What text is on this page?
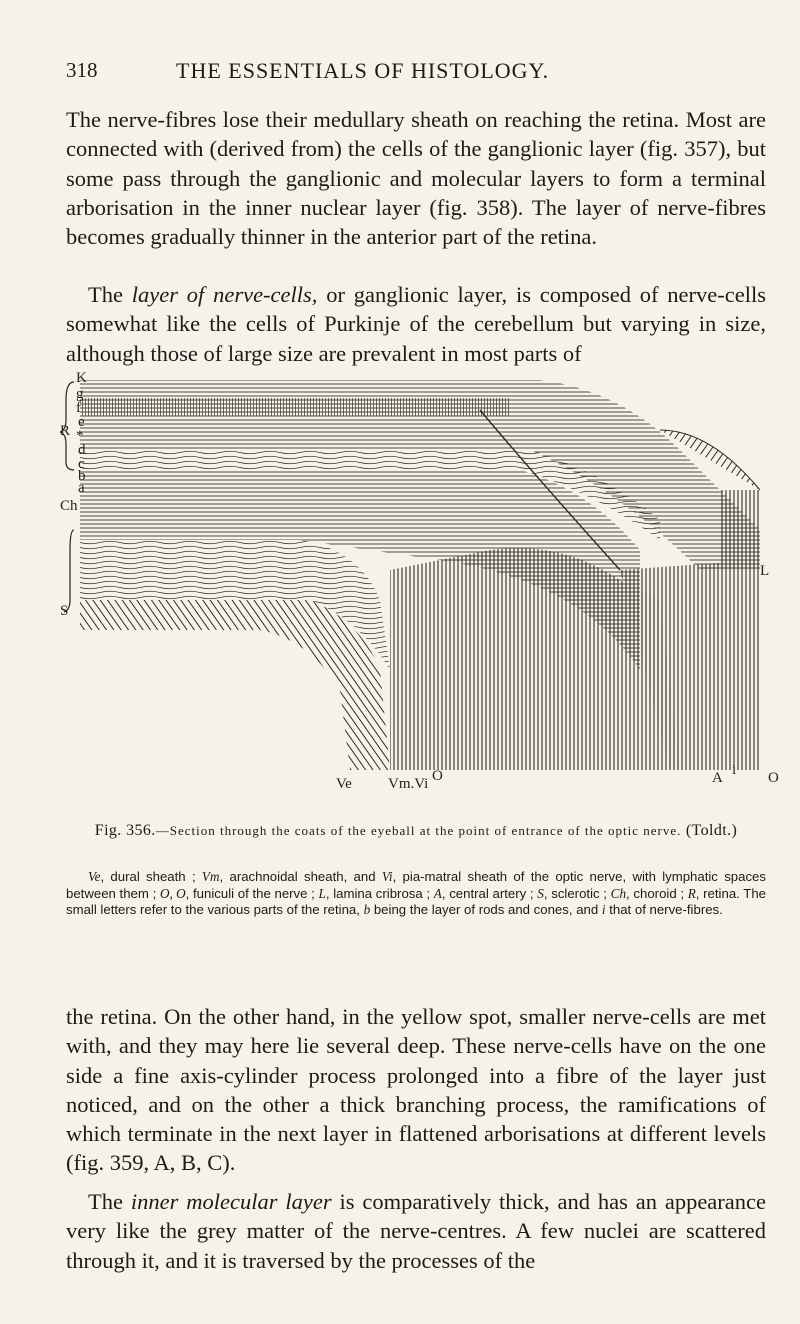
318	THE ESSENTIALS OF HISTOLOGY.

The nerve-fibres lose their medullary sheath on reaching the retina. Most are connected with (derived from) the cells of the ganglionic layer (fig. 357), but some pass through the ganglionic and molecular layers to form a terminal arborisation in the inner nuclear layer (fig. 358). The layer of nerve-fibres becomes gradually thinner in the anterior part of the retina.

The layer of nerve-cells, or ganglionic layer, is composed of nerve-cells somewhat like the cells of Purkinje of the cerebellum but varying in size, although those of large size are prevalent in most parts of

K
R
g
f
e
*
d
c
b
a
Ch
S
L
Ve Vm.Vi O	A i O

Fig. 356.—Section through the coats of the eyeball at the point of entrance of the optic nerve. (Toldt.)

Ve, dural sheath ; Vm, arachnoidal sheath, and Vi, pia-matral sheath of the optic nerve, with lymphatic spaces between them ; O, O, funiculi of the nerve ; L, lamina cribrosa ; A, central artery ; S, sclerotic ; Ch, choroid ; R, retina. The small letters refer to the various parts of the retina, b being the layer of rods and cones, and i that of nerve-fibres.

the retina. On the other hand, in the yellow spot, smaller nerve-cells are met with, and they may here lie several deep. These nerve-cells have on the one side a fine axis-cylinder process prolonged into a fibre of the layer just noticed, and on the other a thick branching process, the ramifications of which terminate in the next layer in flattened arborisations at different levels (fig. 359, A, B, C).

The inner molecular layer is comparatively thick, and has an appearance very like the grey matter of the nerve-centres. A few nuclei are scattered through it, and it is traversed by the processes of the
